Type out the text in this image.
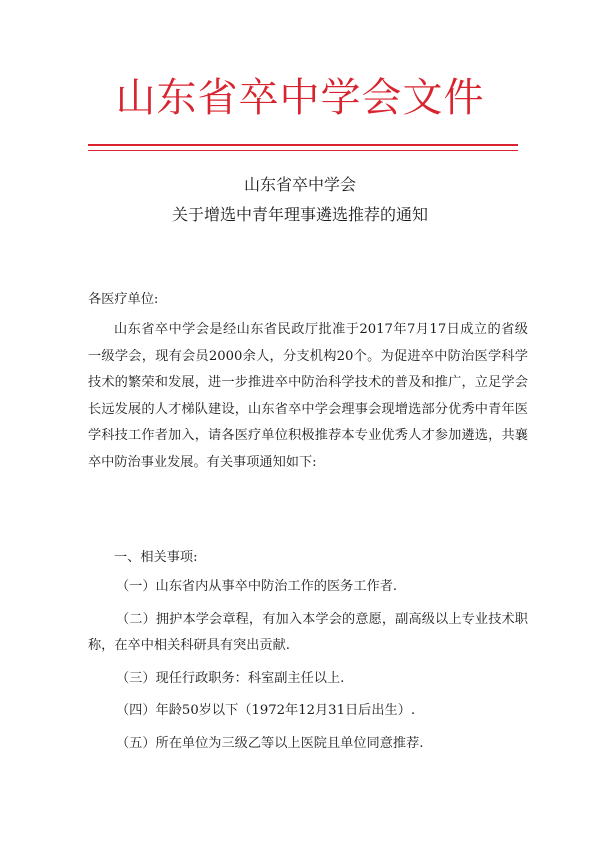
山东省卒中学会文件
山东省卒中学会
关于增选中青年理事遴选推荐的通知
各医疗单位:
山东省卒中学会是经山东省民政厅批准于2017年7月17日成立的省级一级学会，现有会员2000余人，分支机构20个。为促进卒中防治医学科学技术的繁荣和发展，进一步推进卒中防治科学技术的普及和推广，立足学会长远发展的人才梯队建设，山东省卒中学会理事会现增选部分优秀中青年医学科技工作者加入，请各医疗单位积极推荐本专业优秀人才参加遴选，共襄卒中防治事业发展。有关事项通知如下:
一、相关事项:
（一）山东省内从事卒中防治工作的医务工作者.
（二）拥护本学会章程，有加入本学会的意愿，副高级以上专业技术职称，在卒中相关科研具有突出贡献.
（三）现任行政职务：科室副主任以上.
（四）年龄50岁以下（1972年12月31日后出生）.
（五）所在单位为三级乙等以上医院且单位同意推荐.
